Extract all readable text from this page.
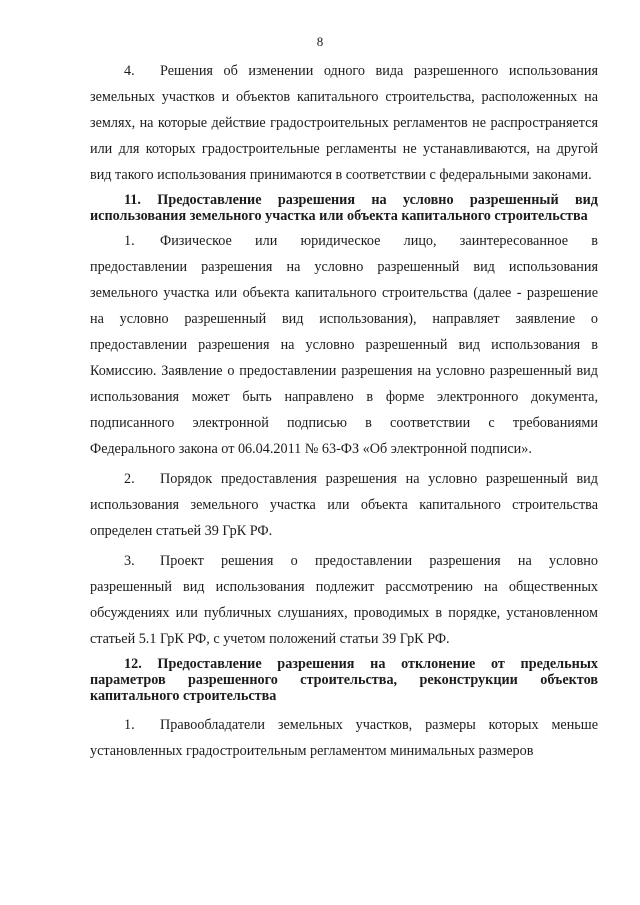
8

4. Решения об изменении одного вида разрешенного использования земельных участков и объектов капитального строительства, расположенных на землях, на которые действие градостроительных регламентов не распространяется или для которых градостроительные регламенты не устанавливаются, на другой вид такого использования принимаются в соответствии с федеральными законами.

11. Предоставление разрешения на условно разрешенный вид использования земельного участка или объекта капитального строительства

1. Физическое или юридическое лицо, заинтересованное в предоставлении разрешения на условно разрешенный вид использования земельного участка или объекта капитального строительства (далее - разрешение на условно разрешенный вид использования), направляет заявление о предоставлении разрешения на условно разрешенный вид использования в Комиссию. Заявление о предоставлении разрешения на условно разрешенный вид использования может быть направлено в форме электронного документа, подписанного электронной подписью в соответствии с требованиями Федерального закона от 06.04.2011 № 63-ФЗ «Об электронной подписи».

2. Порядок предоставления разрешения на условно разрешенный вид использования земельного участка или объекта капитального строительства определен статьей 39 ГрК РФ.

3. Проект решения о предоставлении разрешения на условно разрешенный вид использования подлежит рассмотрению на общественных обсуждениях или публичных слушаниях, проводимых в порядке, установленном статьей 5.1 ГрК РФ, с учетом положений статьи 39 ГрК РФ.

12. Предоставление разрешения на отклонение от предельных параметров разрешенного строительства, реконструкции объектов капитального строительства

1. Правообладатели земельных участков, размеры которых меньше установленных градостроительным регламентом минимальных размеров
